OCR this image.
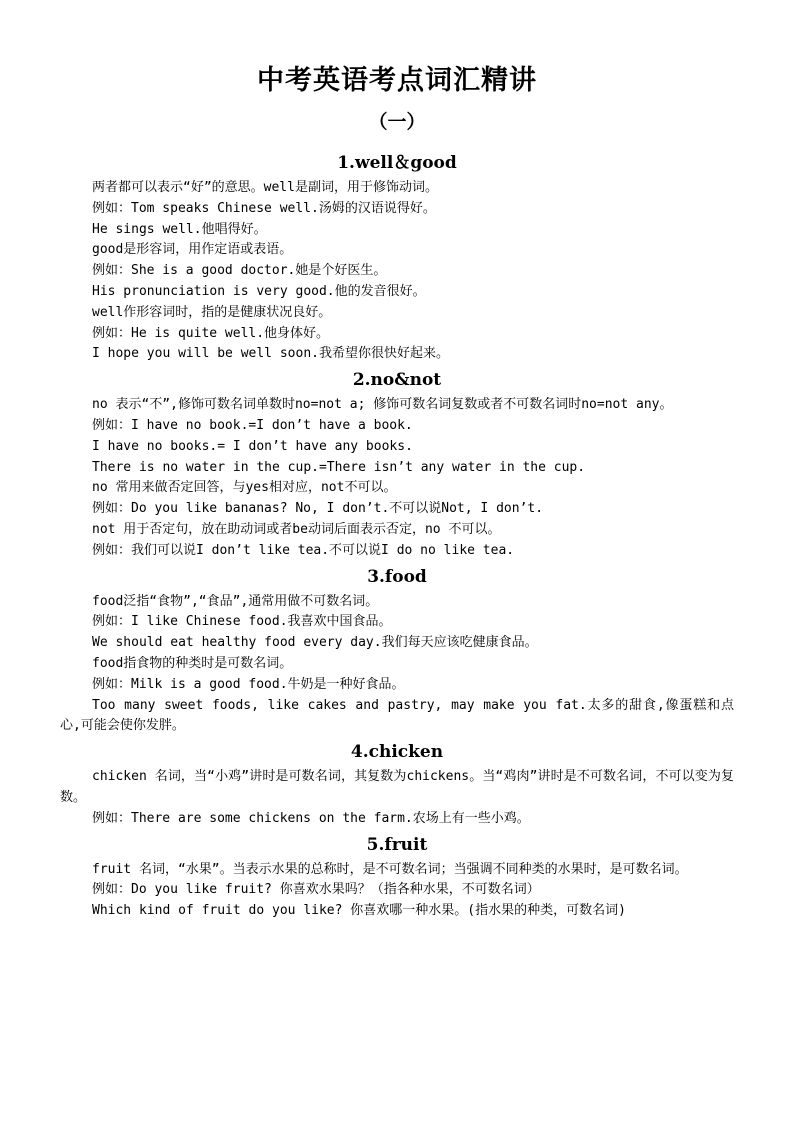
中考英语考点词汇精讲
（一）
1.well＆good

两者都可以表示“好”的意思。well是副词，用于修饰动词。

例如：Tom speaks Chinese well.汤姆的汉语说得好。

He sings well.他唱得好。

good是形容词，用作定语或表语。

例如：She is a good doctor.她是个好医生。

His pronunciation is very good.他的发音很好。

well作形容词时，指的是健康状况良好。

例如：He is quite well.他身体好。

I hope you will be well soon.我希望你很快好起来。

2.no&not

no 表示“不”,修饰可数名词单数时no=not a; 修饰可数名词复数或者不可数名词时no=not any。

例如：I have no book.=I don’t have a book.

I have no books.= I don’t have any books.

There is no water in the cup.=There isn’t any water in the cup.

no 常用来做否定回答，与yes相对应，not不可以。

例如：Do you like bananas? No, I don’t.不可以说Not, I don’t.

not 用于否定句，放在助动词或者be动词后面表示否定，no 不可以。

例如：我们可以说I don’t like tea.不可以说I do no like tea.

3.food

food泛指“食物”,“食品”,通常用做不可数名词。

例如：I like Chinese food.我喜欢中国食品。

We should eat healthy food every day.我们每天应该吃健康食品。

food指食物的种类时是可数名词。

例如：Milk is a good food.牛奶是一种好食品。

Too many sweet foods, like cakes and pastry, may make you fat.太多的甜食,像蛋糕和点心,可能会使你发胖。

4.chicken

chicken 名词，当“小鸡”讲时是可数名词，其复数为chickens。当“鸡肉”讲时是不可数名词，不可以变为复数。

例如：There are some chickens on the farm.农场上有一些小鸡。

5.fruit

fruit 名词，“水果”。当表示水果的总称时，是不可数名词；当强调不同种类的水果时，是可数名词。

例如：Do you like fruit? 你喜欢水果吗？（指各种水果，不可数名词）

Which kind of fruit do you like? 你喜欢哪一种水果。(指水果的种类，可数名词)
